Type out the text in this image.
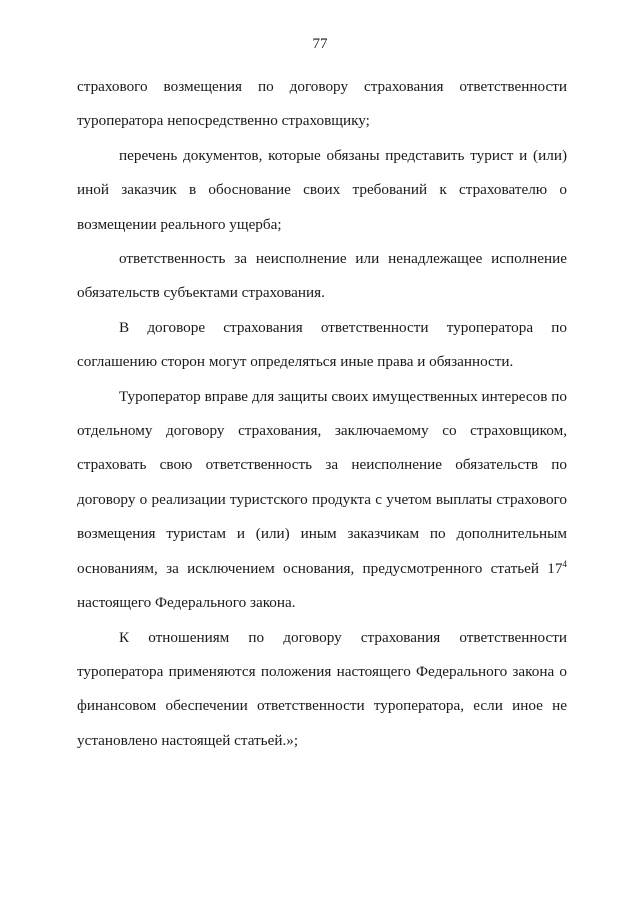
77

страхового возмещения по договору страхования ответственности туроператора непосредственно страховщику;

перечень документов, которые обязаны представить турист и (или) иной заказчик в обоснование своих требований к страхователю о возмещении реального ущерба;

ответственность за неисполнение или ненадлежащее исполнение обязательств субъектами страхования.

В договоре страхования ответственности туроператора по соглашению сторон могут определяться иные права и обязанности.

Туроператор вправе для защиты своих имущественных интересов по отдельному договору страхования, заключаемому со страховщиком, страховать свою ответственность за неисполнение обязательств по договору о реализации туристского продукта с учетом выплаты страхового возмещения туристам и (или) иным заказчикам по дополнительным основаниям, за исключением основания, предусмотренного статьей $17^4$ настоящего Федерального закона.

К отношениям по договору страхования ответственности туроператора применяются положения настоящего Федерального закона о финансовом обеспечении ответственности туроператора, если иное не установлено настоящей статьей.»;
